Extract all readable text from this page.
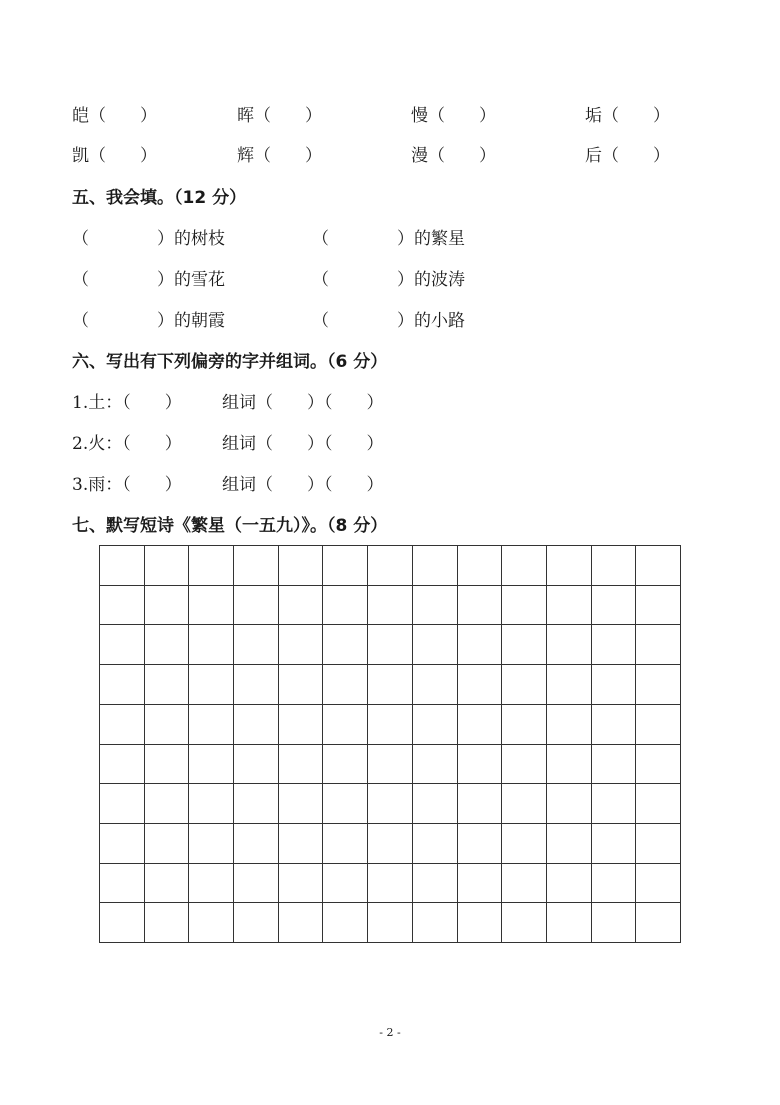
皑（　　）	晖（　　）	慢（　　）	垢（　　）
凯（　　）	辉（　　）	漫（　　）	后（　　）
五、我会填。（12 分）
（　　　　）的树枝	（　　　　）的繁星
（　　　　）的雪花	（　　　　）的波涛
（　　　　）的朝霞	（　　　　）的小路
六、写出有下列偏旁的字并组词。（6 分）
1.土：（　　） 组词（　　）（　　）
2.火：（　　） 组词（　　）（　　）
3.雨：（　　） 组词（　　）（　　）
七、默写短诗《繁星（一五九）》。（8 分）
- 2 -
